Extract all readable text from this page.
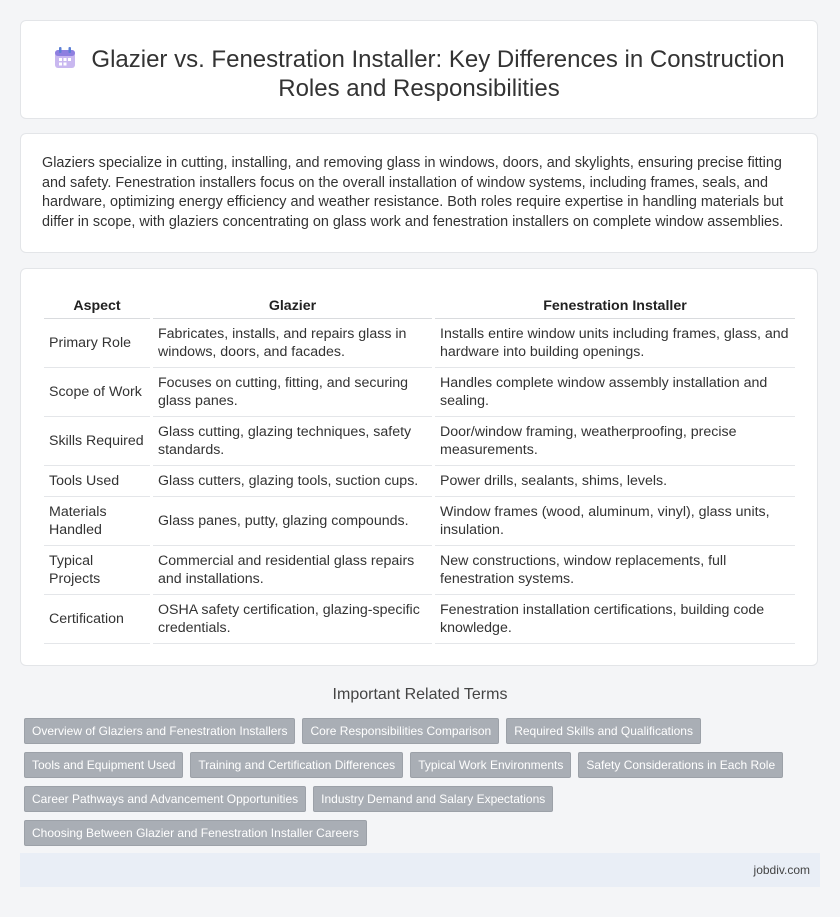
Glazier vs. Fenestration Installer: Key Differences in Construction Roles and Responsibilities

Glaziers specialize in cutting, installing, and removing glass in windows, doors, and skylights, ensuring precise fitting and safety. Fenestration installers focus on the overall installation of window systems, including frames, seals, and hardware, optimizing energy efficiency and weather resistance. Both roles require expertise in handling materials but differ in scope, with glaziers concentrating on glass work and fenestration installers on complete window assemblies.

Aspect	Glazier	Fenestration Installer
Primary Role	Fabricates, installs, and repairs glass in windows, doors, and facades.	Installs entire window units including frames, glass, and hardware into building openings.
Scope of Work	Focuses on cutting, fitting, and securing glass panes.	Handles complete window assembly installation and sealing.
Skills Required	Glass cutting, glazing techniques, safety standards.	Door/window framing, weatherproofing, precise measurements.
Tools Used	Glass cutters, glazing tools, suction cups.	Power drills, sealants, shims, levels.
Materials Handled	Glass panes, putty, glazing compounds.	Window frames (wood, aluminum, vinyl), glass units, insulation.
Typical Projects	Commercial and residential glass repairs and installations.	New constructions, window replacements, full fenestration systems.
Certification	OSHA safety certification, glazing-specific credentials.	Fenestration installation certifications, building code knowledge.
Important Related Terms
Overview of Glaziers and Fenestration Installers	Core Responsibilities Comparison	Required Skills and Qualifications
Tools and Equipment Used	Training and Certification Differences	Typical Work Environments	Safety Considerations in Each Role
Career Pathways and Advancement Opportunities	Industry Demand and Salary Expectations
Choosing Between Glazier and Fenestration Installer Careers
jobdiv.com
